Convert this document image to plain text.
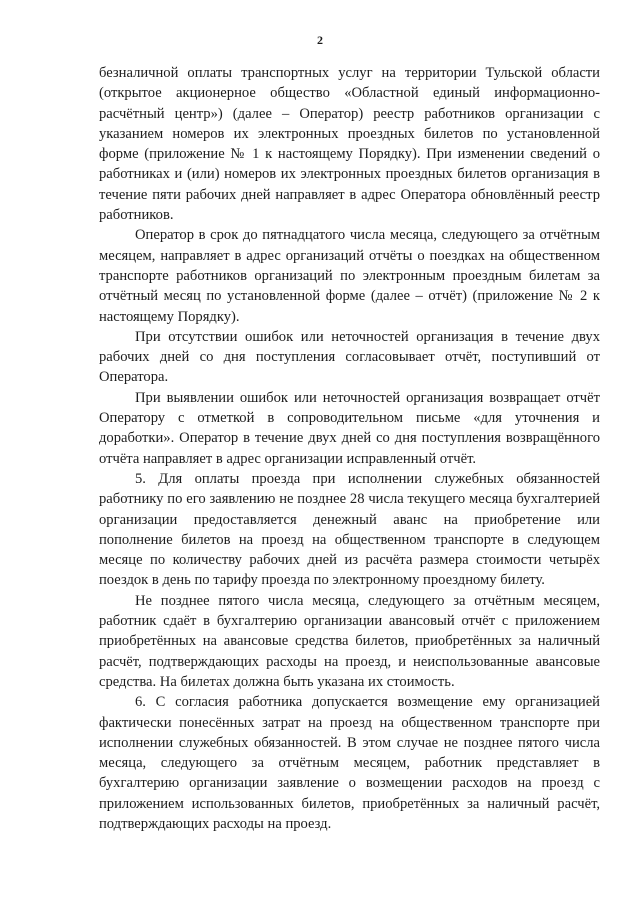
2

безналичной оплаты транспортных услуг на территории Тульской области (открытое акционерное общество «Областной единый информационно-расчётный центр») (далее – Оператор) реестр работников организации с указанием номеров их электронных проездных билетов по установленной форме (приложение № 1 к настоящему Порядку). При изменении сведений о работниках и (или) номеров их электронных проездных билетов организация в течение пяти рабочих дней направляет в адрес Оператора обновлённый реестр работников.

Оператор в срок до пятнадцатого числа месяца, следующего за отчётным месяцем, направляет в адрес организаций отчёты о поездках на общественном транспорте работников организаций по электронным проездным билетам за отчётный месяц по установленной форме (далее – отчёт) (приложение № 2 к настоящему Порядку).

При отсутствии ошибок или неточностей организация в течение двух рабочих дней со дня поступления согласовывает отчёт, поступивший от Оператора.

При выявлении ошибок или неточностей организация возвращает отчёт Оператору с отметкой в сопроводительном письме «для уточнения и доработки». Оператор в течение двух дней со дня поступления возвращённого отчёта направляет в адрес организации исправленный отчёт.

5. Для оплаты проезда при исполнении служебных обязанностей работнику по его заявлению не позднее 28 числа текущего месяца бухгалтерией организации предоставляется денежный аванс на приобретение или пополнение билетов на проезд на общественном транспорте в следующем месяце по количеству рабочих дней из расчёта размера стоимости четырёх поездок в день по тарифу проезда по электронному проездному билету.

Не позднее пятого числа месяца, следующего за отчётным месяцем, работник сдаёт в бухгалтерию организации авансовый отчёт с приложением приобретённых на авансовые средства билетов, приобретённых за наличный расчёт, подтверждающих расходы на проезд, и неиспользованные авансовые средства. На билетах должна быть указана их стоимость.

6. С согласия работника допускается возмещение ему организацией фактически понесённых затрат на проезд на общественном транспорте при исполнении служебных обязанностей. В этом случае не позднее пятого числа месяца, следующего за отчётным месяцем, работник представляет в бухгалтерию организации заявление о возмещении расходов на проезд с приложением использованных билетов, приобретённых за наличный расчёт, подтверждающих расходы на проезд.
